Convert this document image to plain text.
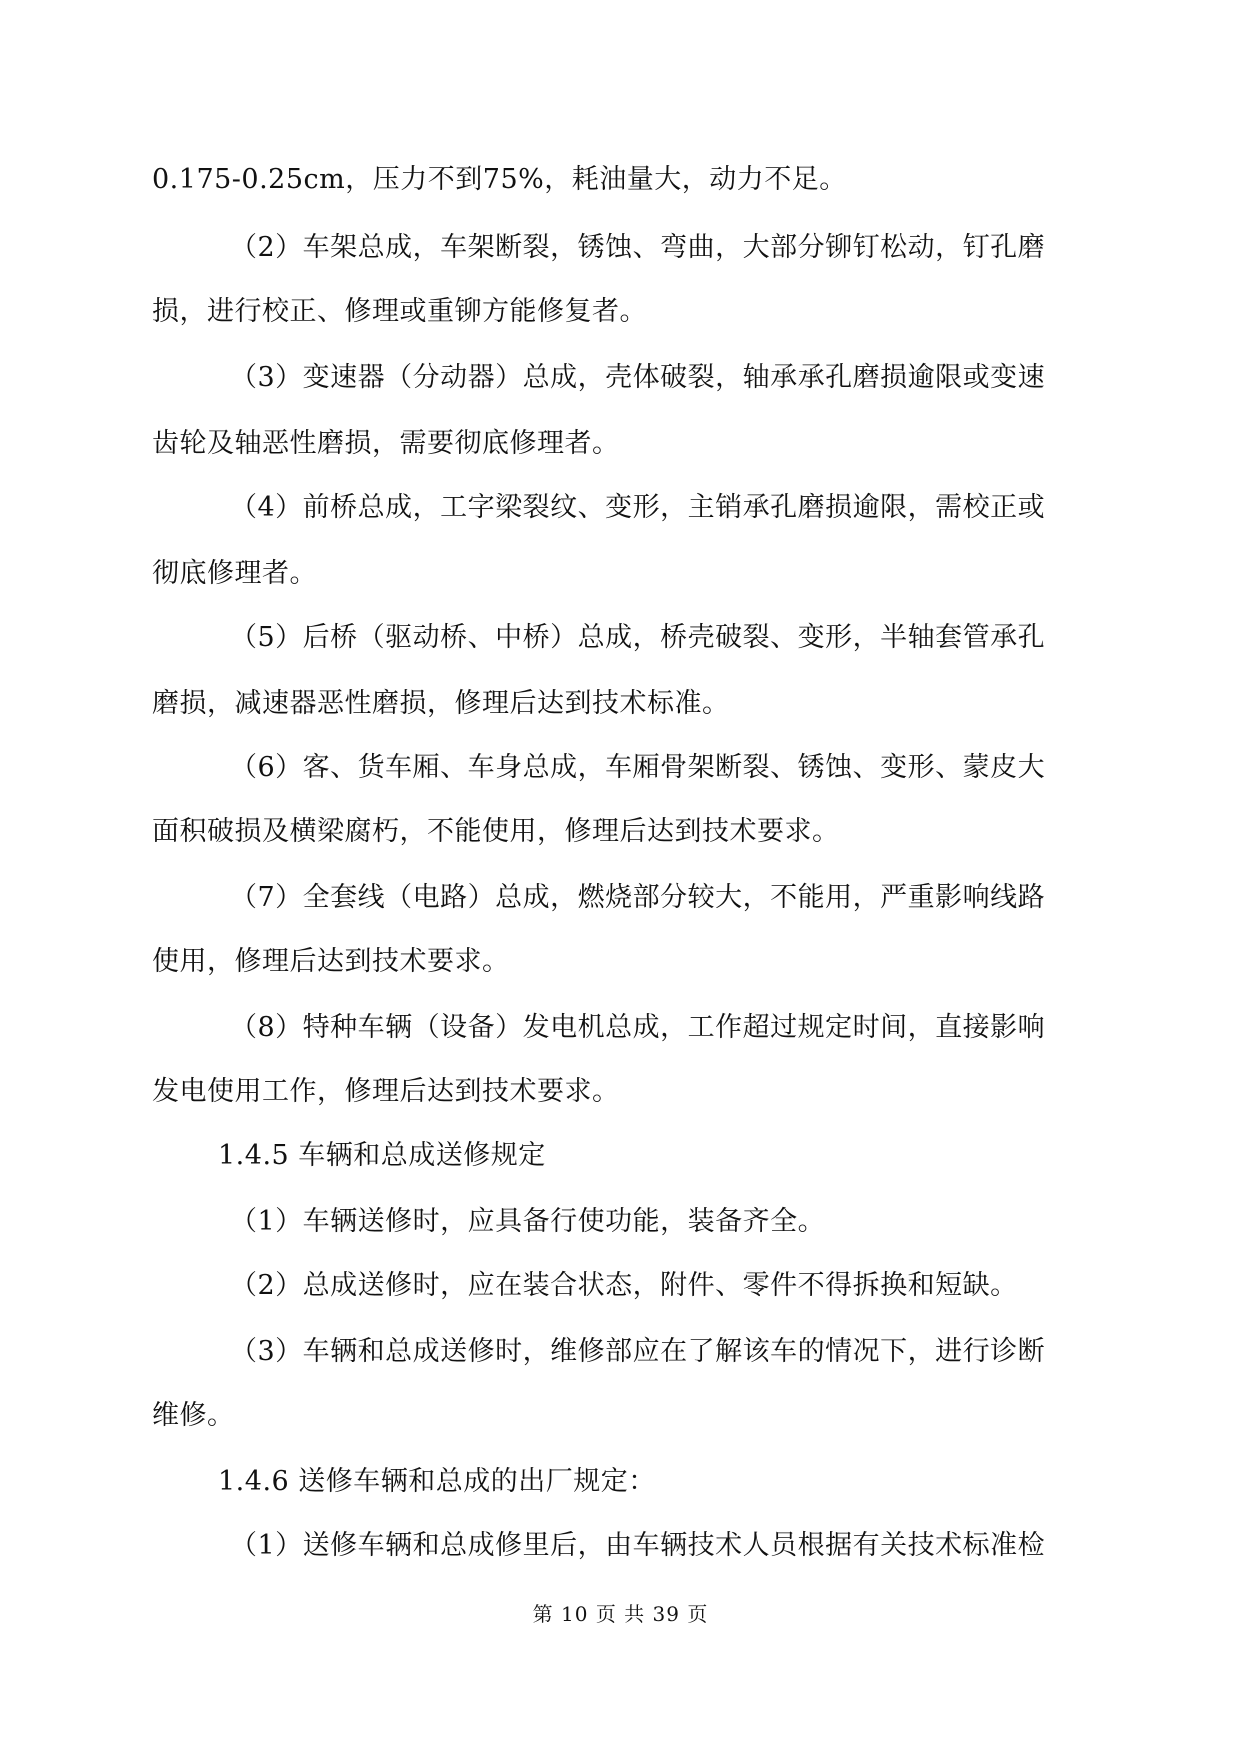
0.175-0.25cm，压力不到75%，耗油量大，动力不足。
（2）车架总成，车架断裂，锈蚀、弯曲，大部分铆钉松动，钉孔磨
损，进行校正、修理或重铆方能修复者。
（3）变速器（分动器）总成，壳体破裂，轴承承孔磨损逾限或变速
齿轮及轴恶性磨损，需要彻底修理者。
（4）前桥总成，工字梁裂纹、变形，主销承孔磨损逾限，需校正或
彻底修理者。
（5）后桥（驱动桥、中桥）总成，桥壳破裂、变形，半轴套管承孔
磨损，减速器恶性磨损，修理后达到技术标准。
（6）客、货车厢、车身总成，车厢骨架断裂、锈蚀、变形、蒙皮大
面积破损及横梁腐朽，不能使用，修理后达到技术要求。
（7）全套线（电路）总成，燃烧部分较大，不能用，严重影响线路
使用，修理后达到技术要求。
（8）特种车辆（设备）发电机总成，工作超过规定时间，直接影响
发电使用工作，修理后达到技术要求。
1.4.5 车辆和总成送修规定
（1）车辆送修时，应具备行使功能，装备齐全。
（2）总成送修时，应在装合状态，附件、零件不得拆换和短缺。
（3）车辆和总成送修时，维修部应在了解该车的情况下，进行诊断
维修。
1.4.6 送修车辆和总成的出厂规定：
（1）送修车辆和总成修里后，由车辆技术人员根据有关技术标准检
第 10 页 共 39 页
